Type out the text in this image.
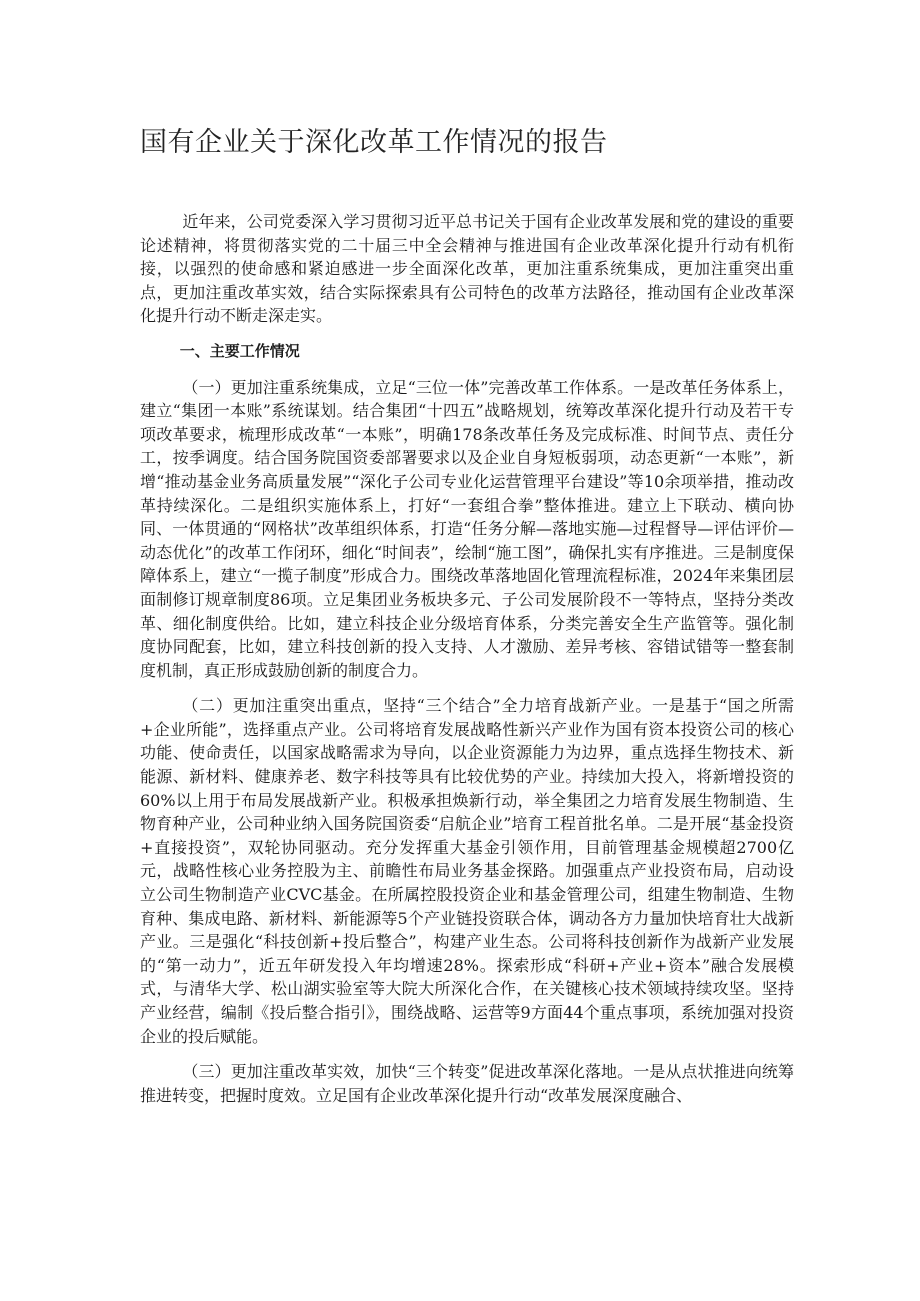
国有企业关于深化改革工作情况的报告

近年来，公司党委深入学习贯彻习近平总书记关于国有企业改革发展和党的建设的重要论述精神，将贯彻落实党的二十届三中全会精神与推进国有企业改革深化提升行动有机衔接，以强烈的使命感和紧迫感进一步全面深化改革，更加注重系统集成，更加注重突出重点，更加注重改革实效，结合实际探索具有公司特色的改革方法路径，推动国有企业改革深化提升行动不断走深走实。

一、主要工作情况

（一）更加注重系统集成，立足“三位一体”完善改革工作体系。一是改革任务体系上，建立“集团一本账”系统谋划。结合集团“十四五”战略规划，统筹改革深化提升行动及若干专项改革要求，梳理形成改革“一本账”，明确178条改革任务及完成标准、时间节点、责任分工，按季调度。结合国务院国资委部署要求以及企业自身短板弱项，动态更新“一本账”，新增“推动基金业务高质量发展”“深化子公司专业化运营管理平台建设”等10余项举措，推动改革持续深化。二是组织实施体系上，打好“一套组合拳”整体推进。建立上下联动、横向协同、一体贯通的“网格状”改革组织体系，打造“任务分解—落地实施—过程督导—评估评价—动态优化”的改革工作闭环，细化“时间表”，绘制“施工图”，确保扎实有序推进。三是制度保障体系上，建立“一揽子制度”形成合力。围绕改革落地固化管理流程标准，2024年来集团层面制修订规章制度86项。立足集团业务板块多元、子公司发展阶段不一等特点，坚持分类改革、细化制度供给。比如，建立科技企业分级培育体系，分类完善安全生产监管等。强化制度协同配套，比如，建立科技创新的投入支持、人才激励、差异考核、容错试错等一整套制度机制，真正形成鼓励创新的制度合力。

（二）更加注重突出重点，坚持“三个结合”全力培育战新产业。一是基于“国之所需+企业所能”，选择重点产业。公司将培育发展战略性新兴产业作为国有资本投资公司的核心功能、使命责任，以国家战略需求为导向，以企业资源能力为边界，重点选择生物技术、新能源、新材料、健康养老、数字科技等具有比较优势的产业。持续加大投入，将新增投资的60%以上用于布局发展战新产业。积极承担焕新行动，举全集团之力培育发展生物制造、生物育种产业，公司种业纳入国务院国资委“启航企业”培育工程首批名单。二是开展“基金投资+直接投资”，双轮协同驱动。充分发挥重大基金引领作用，目前管理基金规模超2700亿元，战略性核心业务控股为主、前瞻性布局业务基金探路。加强重点产业投资布局，启动设立公司生物制造产业CVC基金。在所属控股投资企业和基金管理公司，组建生物制造、生物育种、集成电路、新材料、新能源等5个产业链投资联合体，调动各方力量加快培育壮大战新产业。三是强化“科技创新+投后整合”，构建产业生态。公司将科技创新作为战新产业发展的“第一动力”，近五年研发投入年均增速28%。探索形成“科研+产业+资本”融合发展模式，与清华大学、松山湖实验室等大院大所深化合作，在关键核心技术领域持续攻坚。坚持产业经营，编制《投后整合指引》，围绕战略、运营等9方面44个重点事项，系统加强对投资企业的投后赋能。

（三）更加注重改革实效，加快“三个转变”促进改革深化落地。一是从点状推进向统筹推进转变，把握时度效。立足国有企业改革深化提升行动“改革发展深度融合、
